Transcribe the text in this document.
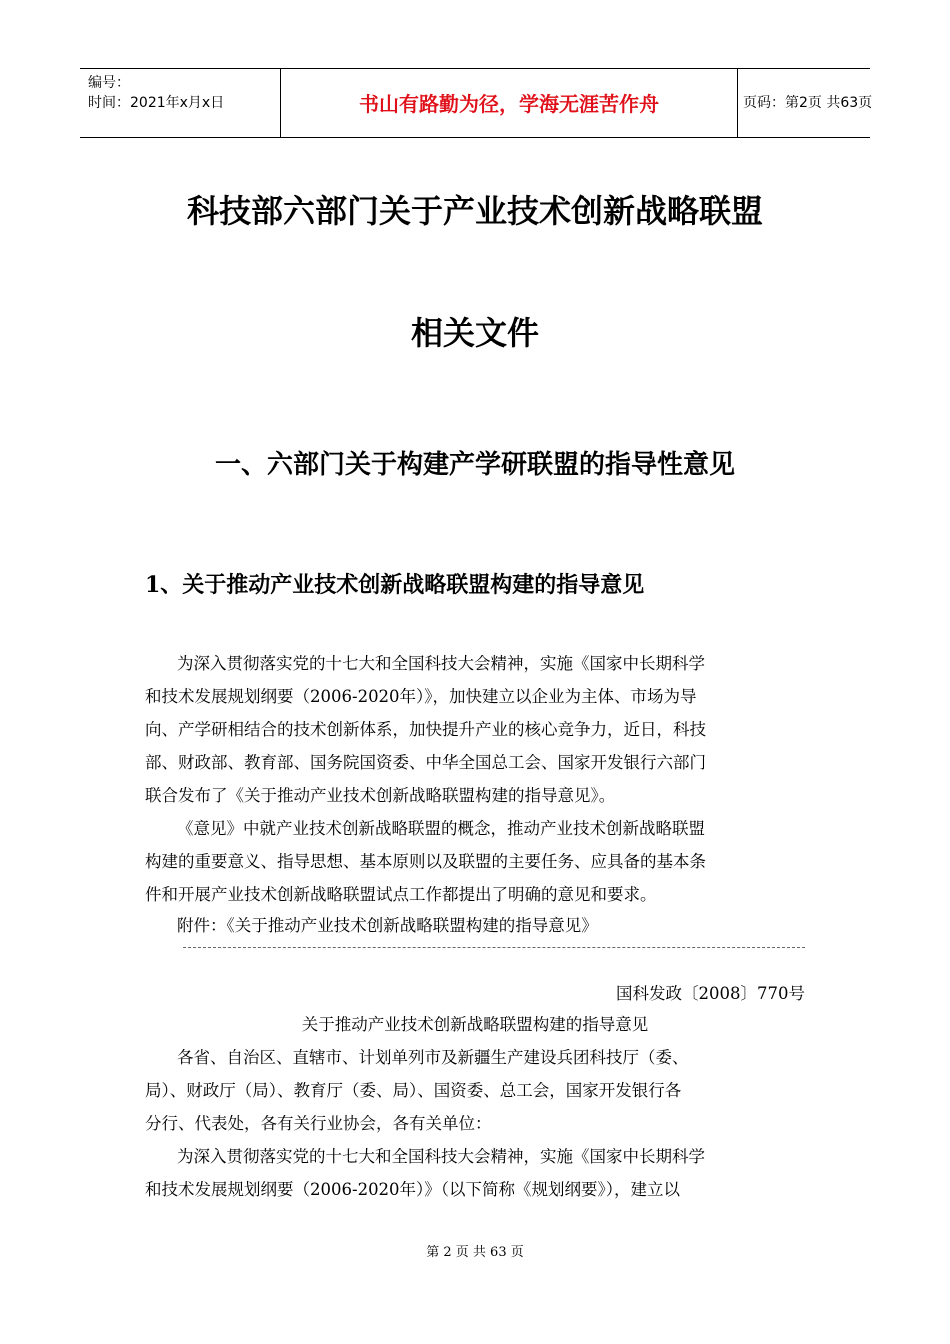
编号：
时间：2021年x月x日	书山有路勤为径，学海无涯苦作舟	页码：第2页 共63页
科技部六部门关于产业技术创新战略联盟
相关文件
一、六部门关于构建产学研联盟的指导性意见
1、关于推动产业技术创新战略联盟构建的指导意见
为深入贯彻落实党的十七大和全国科技大会精神，实施《国家中长期科学
和技术发展规划纲要（2006-2020年）》，加快建立以企业为主体、市场为导
向、产学研相结合的技术创新体系，加快提升产业的核心竞争力，近日，科技
部、财政部、教育部、国务院国资委、中华全国总工会、国家开发银行六部门
联合发布了《关于推动产业技术创新战略联盟构建的指导意见》。
《意见》中就产业技术创新战略联盟的概念，推动产业技术创新战略联盟
构建的重要意义、指导思想、基本原则以及联盟的主要任务、应具备的基本条
件和开展产业技术创新战略联盟试点工作都提出了明确的意见和要求。
附件：《关于推动产业技术创新战略联盟构建的指导意见》
国科发政〔2008〕770号
关于推动产业技术创新战略联盟构建的指导意见
各省、自治区、直辖市、计划单列市及新疆生产建设兵团科技厅（委、
局）、财政厅（局）、教育厅（委、局）、国资委、总工会，国家开发银行各
分行、代表处，各有关行业协会，各有关单位：
为深入贯彻落实党的十七大和全国科技大会精神，实施《国家中长期科学
和技术发展规划纲要（2006-2020年）》（以下简称《规划纲要》），建立以
第 2 页 共 63 页
